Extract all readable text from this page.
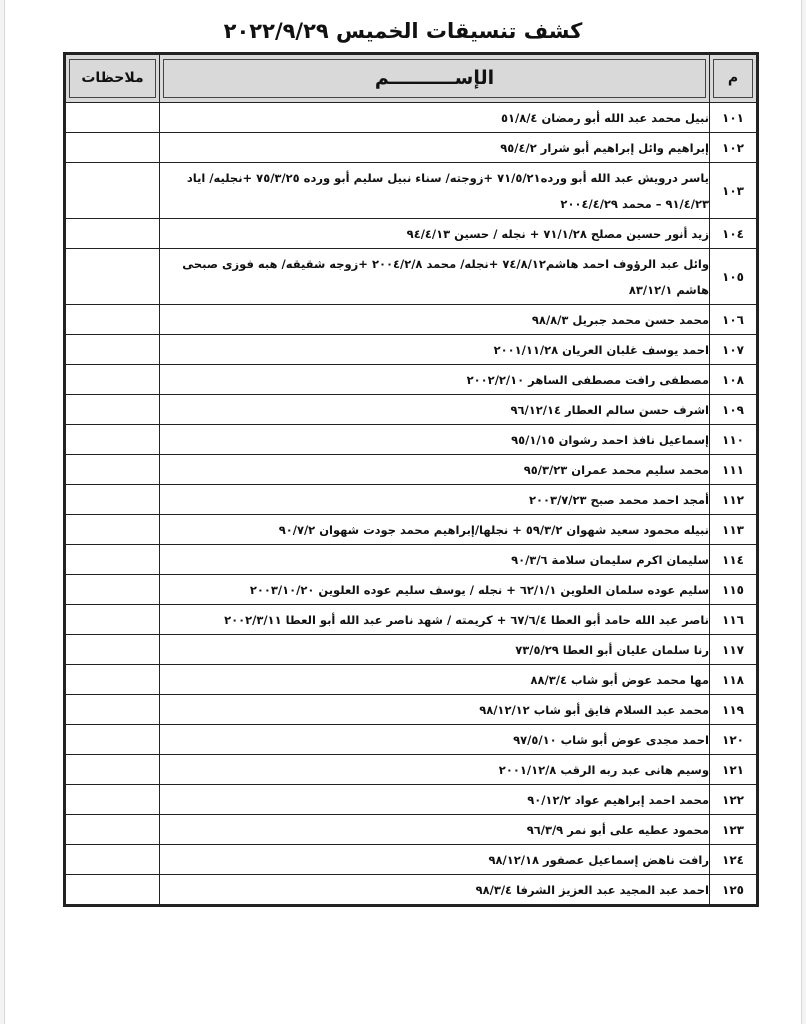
كشف تنسيقات الخميس ٢٠٢٢/٩/٢٩
م	الإســــــــــم	ملاحظات

١٠١	نبيل محمد عبد الله أبو رمضان ٥١/٨/٤	
١٠٢	إبراهيم وائل إبراهيم أبو شرار ٩٥/٤/٢	
١٠٣	ياسر درويش عبد الله أبو ورده٧١/٥/٢١ +زوجته/ سناء نبيل سليم أبو ورده ٧٥/٣/٢٥ +نجليه/ اياد ٩١/٤/٢٣ – محمد ٢٠٠٤/٤/٢٩	
١٠٤	زيد أنور حسين مصلح ٧١/١/٢٨ + نجله / حسين ٩٤/٤/١٣	
١٠٥	وائل عبد الرؤوف احمد هاشم٧٤/٨/١٢ +نجله/ محمد ٢٠٠٤/٢/٨ +زوجه شقيقه/ هبه فوزى صبحى هاشم ٨٣/١٢/١	
١٠٦	محمد حسن محمد جبريل ٩٨/٨/٣	
١٠٧	احمد يوسف غلبان العريان ٢٠٠١/١١/٢٨	
١٠٨	مصطفى رافت مصطفى الساهر ٢٠٠٢/٢/١٠	
١٠٩	اشرف حسن سالم العطار ٩٦/١٢/١٤	
١١٠	إسماعيل نافذ احمد رشوان ٩٥/١/١٥	
١١١	محمد سليم محمد عمران ٩٥/٣/٢٣	
١١٢	أمجد احمد محمد صبح ٢٠٠٣/٧/٢٣	
١١٣	نبيله محمود سعيد شهوان ٥٩/٣/٢ + نجلها/إبراهيم محمد جودت شهوان ٩٠/٧/٢	
١١٤	سليمان اكرم سليمان سلامة ٩٠/٣/٦	
١١٥	سليم عوده سلمان العلوين ٦٢/١/١ + نجله / يوسف سليم عوده العلوين ٢٠٠٣/١٠/٢٠	
١١٦	ناصر عبد الله حامد أبو العطا ٦٧/٦/٤ + كريمته / شهد ناصر عبد الله أبو العطا ٢٠٠٢/٣/١١	
١١٧	رنا سلمان عليان أبو العطا ٧٣/٥/٢٩	
١١٨	مها محمد عوض أبو شاب ٨٨/٣/٤	
١١٩	محمد عبد السلام فايق أبو شاب ٩٨/١٢/١٢	
١٢٠	احمد مجدى عوض أبو شاب ٩٧/٥/١٠	
١٢١	وسيم هانى عبد ربه الرقب ٢٠٠١/١٢/٨	
١٢٢	محمد احمد إبراهيم عواد ٩٠/١٢/٢	
١٢٣	محمود عطيه على أبو نمر ٩٦/٣/٩	
١٢٤	رافت ناهض إسماعيل عصفور ٩٨/١٢/١٨	
١٢٥	احمد عبد المجيد عبد العزيز الشرفا ٩٨/٣/٤	
